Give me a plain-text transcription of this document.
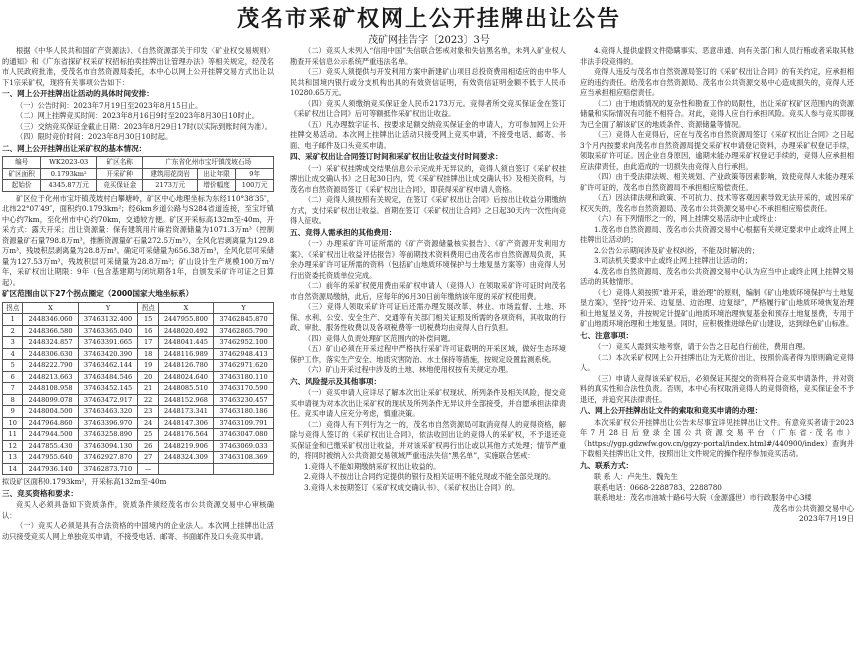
茂名市采矿权网上公开挂牌出让公告
茂矿网挂告字〔2023〕3号

根据《中华人民共和国矿产资源法》、《自然资源部关于印发〈矿业权交易规则〉的通知》和《广东省探矿权采矿权招标拍卖挂牌出让管理办法》等相关规定，经茂名市人民政府批准，受茂名市自然资源局委托，本中心以网上公开挂牌交易方式出让以下1宗采矿权，现将有关事项公告如下：

一、网上公开挂牌出让活动的具体时间安排：

（一）公告时间：2023年7月19日至2023年8月15日止。

（二）网上挂牌竞买时间：2023年8月16日9时至2023年8月30日10时止。

（三）交纳竞买保证金截止日期：2023年8月29日17时(以实际到账时间为准）。

（四）限时竞价时间：2023年8月30日10时起。

二、网上公开挂牌出让采矿权的基本情况：
编号	WK2023-03	矿区名称	广东省化州市宝圩镇茂坡石场		
矿区面积	0.1793km²	开采矿种	建筑用花岗岩	出让年限	9年
起始价	4345.87万元	竞买保证金	2173万元	增价幅度	100万元

矿区位于化州市宝圩镇茂坡村白攀塘岭，矿区中心地理坐标为东经110°38′35″，北纬22°07′49″，面积约0.1793km²；经6km乡道公路与S284省道连接，至宝圩镇中心约7km，至化州市中心约70km，交通较方便。矿区开采标高132m至-40m，开采方式：露天开采；出让资源量：保有建筑用片麻岩资源储量为1071.3万m³（控制资源量矿石量798.8万m³，推断资源量矿石量272.5万m³），全风化岩剥离量为129.8万m³，残坡积层剥离量为28.8万m³。确定可采储量为656.38万m³，全风化层可采储量为127.53万m³，残坡积层可采储量为28.8万m³；矿山设计生产规模100万m³/年，采矿权出让期限：9年（包含基建期与闭坑期各1年，自颁发采矿许可证之日算起）。

矿区范围由以下27个拐点圈定（2000国家大地坐标系）
拐点	X	Y	拐点	X	Y
1	2448346.060	37463132.400	15	2447955.800	37462845.870
2	2448366.580	37463365.040	16	2448020.492	37462865.790
3	2448324.857	37463391.665	17	2448041.445	37462952.100
4	2448306.630	37463420.390	18	2448116.989	37462948.413
5	2448222.790	37463462.144	19	2448126.780	37462971.620
6	2448213.663	37463484.546	20	2448024.640	37463180.110
7	2448108.958	37463452.145	21	2448085.510	37463170.590
8	2448099.078	37463472.917	22	2448152.968	37463230.457
9	2448004.500	37463463.320	23	2448173.341	37463180.186
10	2447964.860	37463396.970	24	2448147.306	37463109.791
11	2447944.500	37463258.890	25	2448176.564	37463047.080
12	2447855.430	37463094.130	26	2448219.906	37463069.033
13	2447955.640	37462927.870	27	2448324.309	37463108.369
14	2447936.140	37462873.710	—		

拟设矿区面积0.1793km²，开采标高132m至-40m

三、竞买资格和要求：

竞买人必须具备如下资质条件，资质条件须经茂名市公共资源交易中心审核确认：

（一）竞买人必须是具有合法资格的中国境内的企业法人。本次网上挂牌出让活动只接受竞买人网上单独竞买申请，不接受电话、邮寄、书面邮件及口头竞买申请。

（二）竞买人未列入“信用中国”失信联合惩戒对象和失信黑名单，未列入矿业权人勘查开采信息公示系统严重违法名单。

（三）竞买人须提供与开发利用方案中新建矿山项目总投资费用相适应的由中华人民共和国境内银行或分支机构出具的有效资信证明，有效资信证明金额不低于人民币10280.65万元。

（四）竞买人须缴纳竞买保证金人民币2173万元。竞得者所交竞买保证金在签订《采矿权出让合同》后可等额抵作采矿权出让收益。

（五）凡办理数字证书、按要求足额交纳竞买保证金的申请人，方可参加网上公开挂牌交易活动。本次网上挂牌出让活动只接受网上竞买申请，不接受电话、邮寄、书面、电子邮件及口头竞买申请。

四、采矿权出让合同签订时间和采矿权出让收益支付时间要求：

（一）采矿权挂牌成交结果信息公示完成并无异议的，竞得人须自签订《采矿权挂牌出让成交确认书》之日起30日内，凭《采矿权挂牌出让成交确认书》及相关资料，与茂名市自然资源局签订《采矿权出让合同》，即获得采矿权申请人资格。

（二）竞得人须按照有关规定，在签订《采矿权出让合同》后按出让收益分期缴纳方式，支付采矿权出让收益。首期在签订《采矿权出让合同》之日起30天内一次性向竞得人征收。

五、竞得人需承担的其他费用：

（一）办理采矿许可证所需的《矿产资源储量核实报告》、《矿产资源开发利用方案》、《采矿权出让收益评估报告》等前期技术资料费用已由茂名市自然资源局负责，其余办理采矿许可证所需的资料（包括矿山地质环境保护与土地复垦方案等）由竞得人另行出资委托资质单位完成。

（二）前年的采矿权使用费由采矿权申请人（竞得人）在领取采矿许可证时向茂名市自然资源局缴纳，此后，应每年的6月30日前年缴纳该年度的采矿权使用费。

（三）竞得人领取采矿许可证后还需办理发展改革、林业、市场监督、土地、环保、水利、公安、安全生产、交通等有关部门相关证照及所需的各项资料，其收取的行政、审批、服务性收费以及各项税费等一切税费均由竞得人自行负担。

（四）竞得人负责处理矿区范围内的补偿问题。

（五）矿山必须在开采过程中严格执行采矿许可证载明的开采区域，做好生态环境保护工作，落实生产安全、地质灾害防治、水土保持等措施，按规定设置监测系统。

（六）矿山开采过程中涉及的土地、林地使用权按有关规定办理。

六、风险提示及其他事项：

（一）竞买申请人应详尽了解本次出让采矿权现状、所列条件及相关风险，提交竞买申请视为对本次出让采矿权的现状及所列条件无异议并全部接受，并自愿承担法律责任。竞买申请人应充分考虑，慎重决策。

（二）竞得人有下列行为之一的，茂名市自然资源局可取消竞得人的竞得资格，解除与竞得人签订的《采矿权出让合同》，依法收回出让的竞得人的采矿权，不予退还竞买保证金和已缴采矿权出让收益，并对该采矿权再行出让或以其他方式处理；情节严重的，将同时被纳入公共资源交易领域严重违法失信“黑名单”，实施联合惩戒：

1.竞得人不能如期缴纳采矿权出让收益的。

2.竞得人不按出让合同约定提供的银行及相关证明不能兑现或不能全部兑现的。

3.竞得人未按期签订《采矿权成交确认书》、《采矿权出让合同》的。

4.竞得人提供虚假文件隐瞒事实、恶意串通、向有关部门和人员行贿或者采取其他非法手段竞得的。

竞得人违反与茂名市自然资源局签订的《采矿权出让合同》的有关约定，应承担相应的违约责任。给茂名市自然资源局、茂名市公共资源交易中心造成损失的，竞得人还应当承担相应赔偿责任。

（二）由于地质情况的复杂性和勘查工作的局限性，出让采矿权矿区范围内的资源储量和实际情况有可能不相符合。对此，竞得人应自行承担风险。竞买人参与竞买即视为已全面了解该矿区的地质条件、资源储量等情况。

（三）竞得人在竞得后，应在与茂名市自然资源局签订《采矿权出让合同》之日起3个月内按要求向茂名市自然资源局提交采矿权申请登记资料，办理采矿权登记手续，领取采矿许可证。因企业自身原因，逾期未能办理采矿权登记手续的，竞得人应承担相应法律责任，由此造成的一切损失由竞得人自行承担。

（四）由于受法律法规、相关规划、产业政策等因素影响，致使竞得人未能办理采矿许可证的，茂名市自然资源局不承担相应赔偿责任。

（五）因法律法规和政策、不可抗力、技术等客观因素导致无法开采的，或因采矿权灭失的，茂名市自然资源局、茂名市公共资源交易中心不承担相应赔偿责任。

（六）有下列情形之一的，网上挂牌交易活动中止或终止：

1.茂名市自然资源局、茂名市公共资源交易中心根据有关规定要求中止或终止网上挂牌出让活动的；

2.公告公示期间涉及矿业权纠纷，不能及时解决的；

3.司法机关要求中止或终止网上挂牌出让活动的；

4.茂名市自然资源局、茂名市公共资源交易中心认为应当中止或终止网上挂牌交易活动的其他情形。

（七）竞得人须按照“谁开采，谁治理”的原则，编制《矿山地质环境保护与土地复垦方案》，坚持“边开采、边复垦、边治理、边复绿”，严格履行矿山地质环境恢复治理和土地复垦义务，并按规定计提矿山地质环境治理恢复基金和预存土地复垦费，专用于矿山地质环境治理和土地复垦。同时，应积极推进绿色矿山建设，达到绿色矿山标准。

七、注意事项：

（一）竞买人需到实地考察，请于公告之日起自行前往，费用自理。

（二）本次采矿权网上公开挂牌出让为无底价出让，按照价高者得为原则确定竞得人。

（三）申请人竞得该采矿权后，必须保证其提交的资料符合竞买申请条件，并对资料的真实性和合法性负责。否则，本中心有权取消竞得人的竞得资格，竞买保证金不予退还，并追究其法律责任。

八、网上公开挂牌出让文件的索取和竞买申请的办理：

本次采矿权公开挂牌出让公告未尽事宜详见挂牌出让文件。有意竞买者请于2023年7月28日后登录全国公共资源交易平台（广东省·茂名市）（https://ygp.gdzwfw.gov.cn/ggzy-portal/index.html#/440900/index）查询并下载相关挂牌出让文件，按照出让文件规定的操作程序参加竞买活动。

九、联系方式：

联 系 人：卢先生、魏先生

联系电话：0668-2288783、2288780

联系地址：茂名市油城十路6号大院（金源盛世）市行政服务中心3楼

茂名市公共资源交易中心
2023年7月19日
